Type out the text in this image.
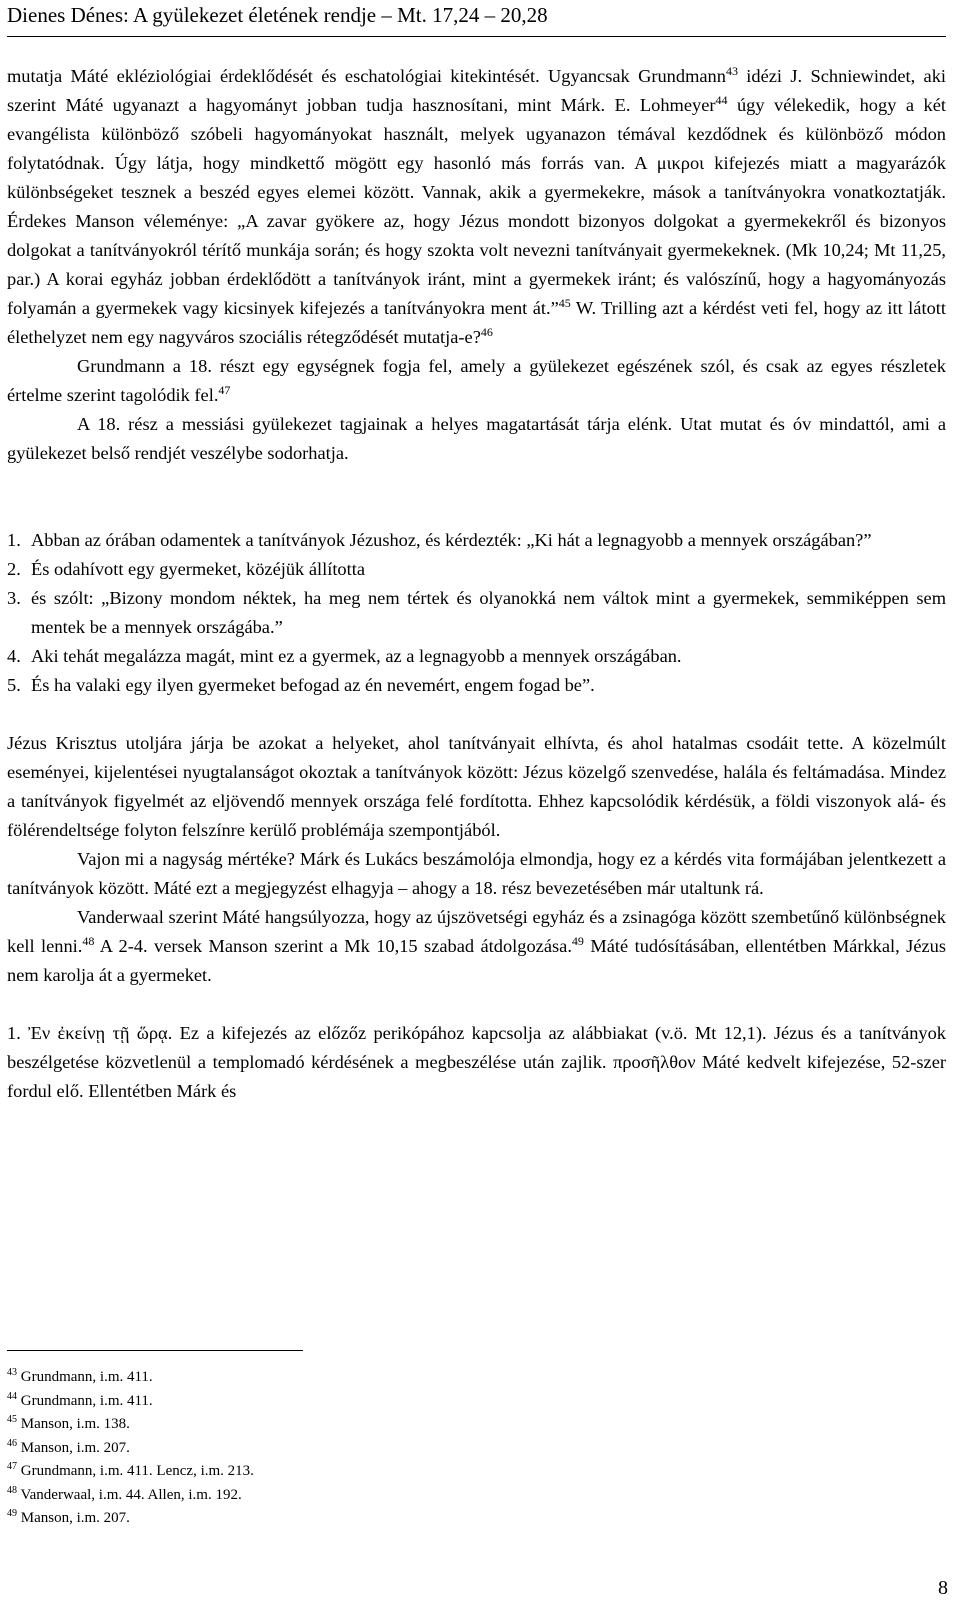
Dienes Dénes: A gyülekezet életének rendje – Mt. 17,24 – 20,28

mutatja Máté ekléziológiai érdeklődését és eschatológiai kitekintését. Ugyancsak Grundmann$^{43}$ idézi J. Schniewindet, aki szerint Máté ugyanazt a hagyományt jobban tudja hasznosítani, mint Márk. E. Lohmeyer$^{44}$ úgy vélekedik, hogy a két evangélista különböző szóbeli hagyományokat használt, melyek ugyanazon témával kezdődnek és különböző módon folytatódnak. Úgy látja, hogy mindkettő mögött egy hasonló más forrás van. A μικροι kifejezés miatt a magyarázók különbségeket tesznek a beszéd egyes elemei között. Vannak, akik a gyermekekre, mások a tanítványokra vonatkoztatják. Érdekes Manson véleménye: „A zavar gyökere az, hogy Jézus mondott bizonyos dolgokat a gyermekekről és bizonyos dolgokat a tanítványokról térítő munkája során; és hogy szokta volt nevezni tanítványait gyermekeknek. (Mk 10,24; Mt 11,25, par.) A korai egyház jobban érdeklődött a tanítványok iránt, mint a gyermekek iránt; és valószínű, hogy a hagyományozás folyamán a gyermekek vagy kicsinyek kifejezés a tanítványokra ment át.”$^{45}$ W. Trilling azt a kérdést veti fel, hogy az itt látott élethelyzet nem egy nagyváros szociális rétegződését mutatja-e?$^{46}$

Grundmann a 18. részt egy egységnek fogja fel, amely a gyülekezet egészének szól, és csak az egyes részletek értelme szerint tagolódik fel.$^{47}$

A 18. rész a messiási gyülekezet tagjainak a helyes magatartását tárja elénk. Utat mutat és óv mindattól, ami a gyülekezet belső rendjét veszélybe sodorhatja.

1. Abban az órában odamentek a tanítványok Jézushoz, és kérdezték: „Ki hát a legnagyobb a mennyek országában?”
2. És odahívott egy gyermeket, közéjük állította
3. és szólt: „Bizony mondom néktek, ha meg nem tértek és olyanokká nem váltok mint a gyermekek, semmiképpen sem mentek be a mennyek országába.”
4. Aki tehát megalázza magát, mint ez a gyermek, az a legnagyobb a mennyek országában.
5. És ha valaki egy ilyen gyermeket befogad az én nevemért, engem fogad be”.

Jézus Krisztus utoljára járja be azokat a helyeket, ahol tanítványait elhívta, és ahol hatalmas csodáit tette. A közelmúlt eseményei, kijelentései nyugtalanságot okoztak a tanítványok között: Jézus közelgő szenvedése, halála és feltámadása. Mindez a tanítványok figyelmét az eljövendő mennyek országa felé fordította. Ehhez kapcsolódik kérdésük, a földi viszonyok alá- és fölérendeltsége folyton felszínre kerülő problémája szempontjából.

Vajon mi a nagyság mértéke? Márk és Lukács beszámolója elmondja, hogy ez a kérdés vita formájában jelentkezett a tanítványok között. Máté ezt a megjegyzést elhagyja – ahogy a 18. rész bevezetésében már utaltunk rá.

Vanderwaal szerint Máté hangsúlyozza, hogy az újszövetségi egyház és a zsinagóga között szembetűnő különbségnek kell lenni.$^{48}$ A 2-4. versek Manson szerint a Mk 10,15 szabad átdolgozása.$^{49}$ Máté tudósításában, ellentétben Márkkal, Jézus nem karolja át a gyermeket.

1. Ἐν ἐκείνῃ τῇ ὥρᾳ. Ez a kifejezés az előzőz perikópához kapcsolja az alábbiakat (v.ö. Mt 12,1). Jézus és a tanítványok beszélgetése közvetlenül a templomadó kérdésének a megbeszélése után zajlik. προσῆλθον Máté kedvelt kifejezése, 52-szer fordul elő. Ellentétben Márk és

$^{43}$ Grundmann, i.m. 411.
$^{44}$ Grundmann, i.m. 411.
$^{45}$ Manson, i.m. 138.
$^{46}$ Manson, i.m. 207.
$^{47}$ Grundmann, i.m. 411. Lencz, i.m. 213.
$^{48}$ Vanderwaal, i.m. 44. Allen, i.m. 192.
$^{49}$ Manson, i.m. 207.
8
